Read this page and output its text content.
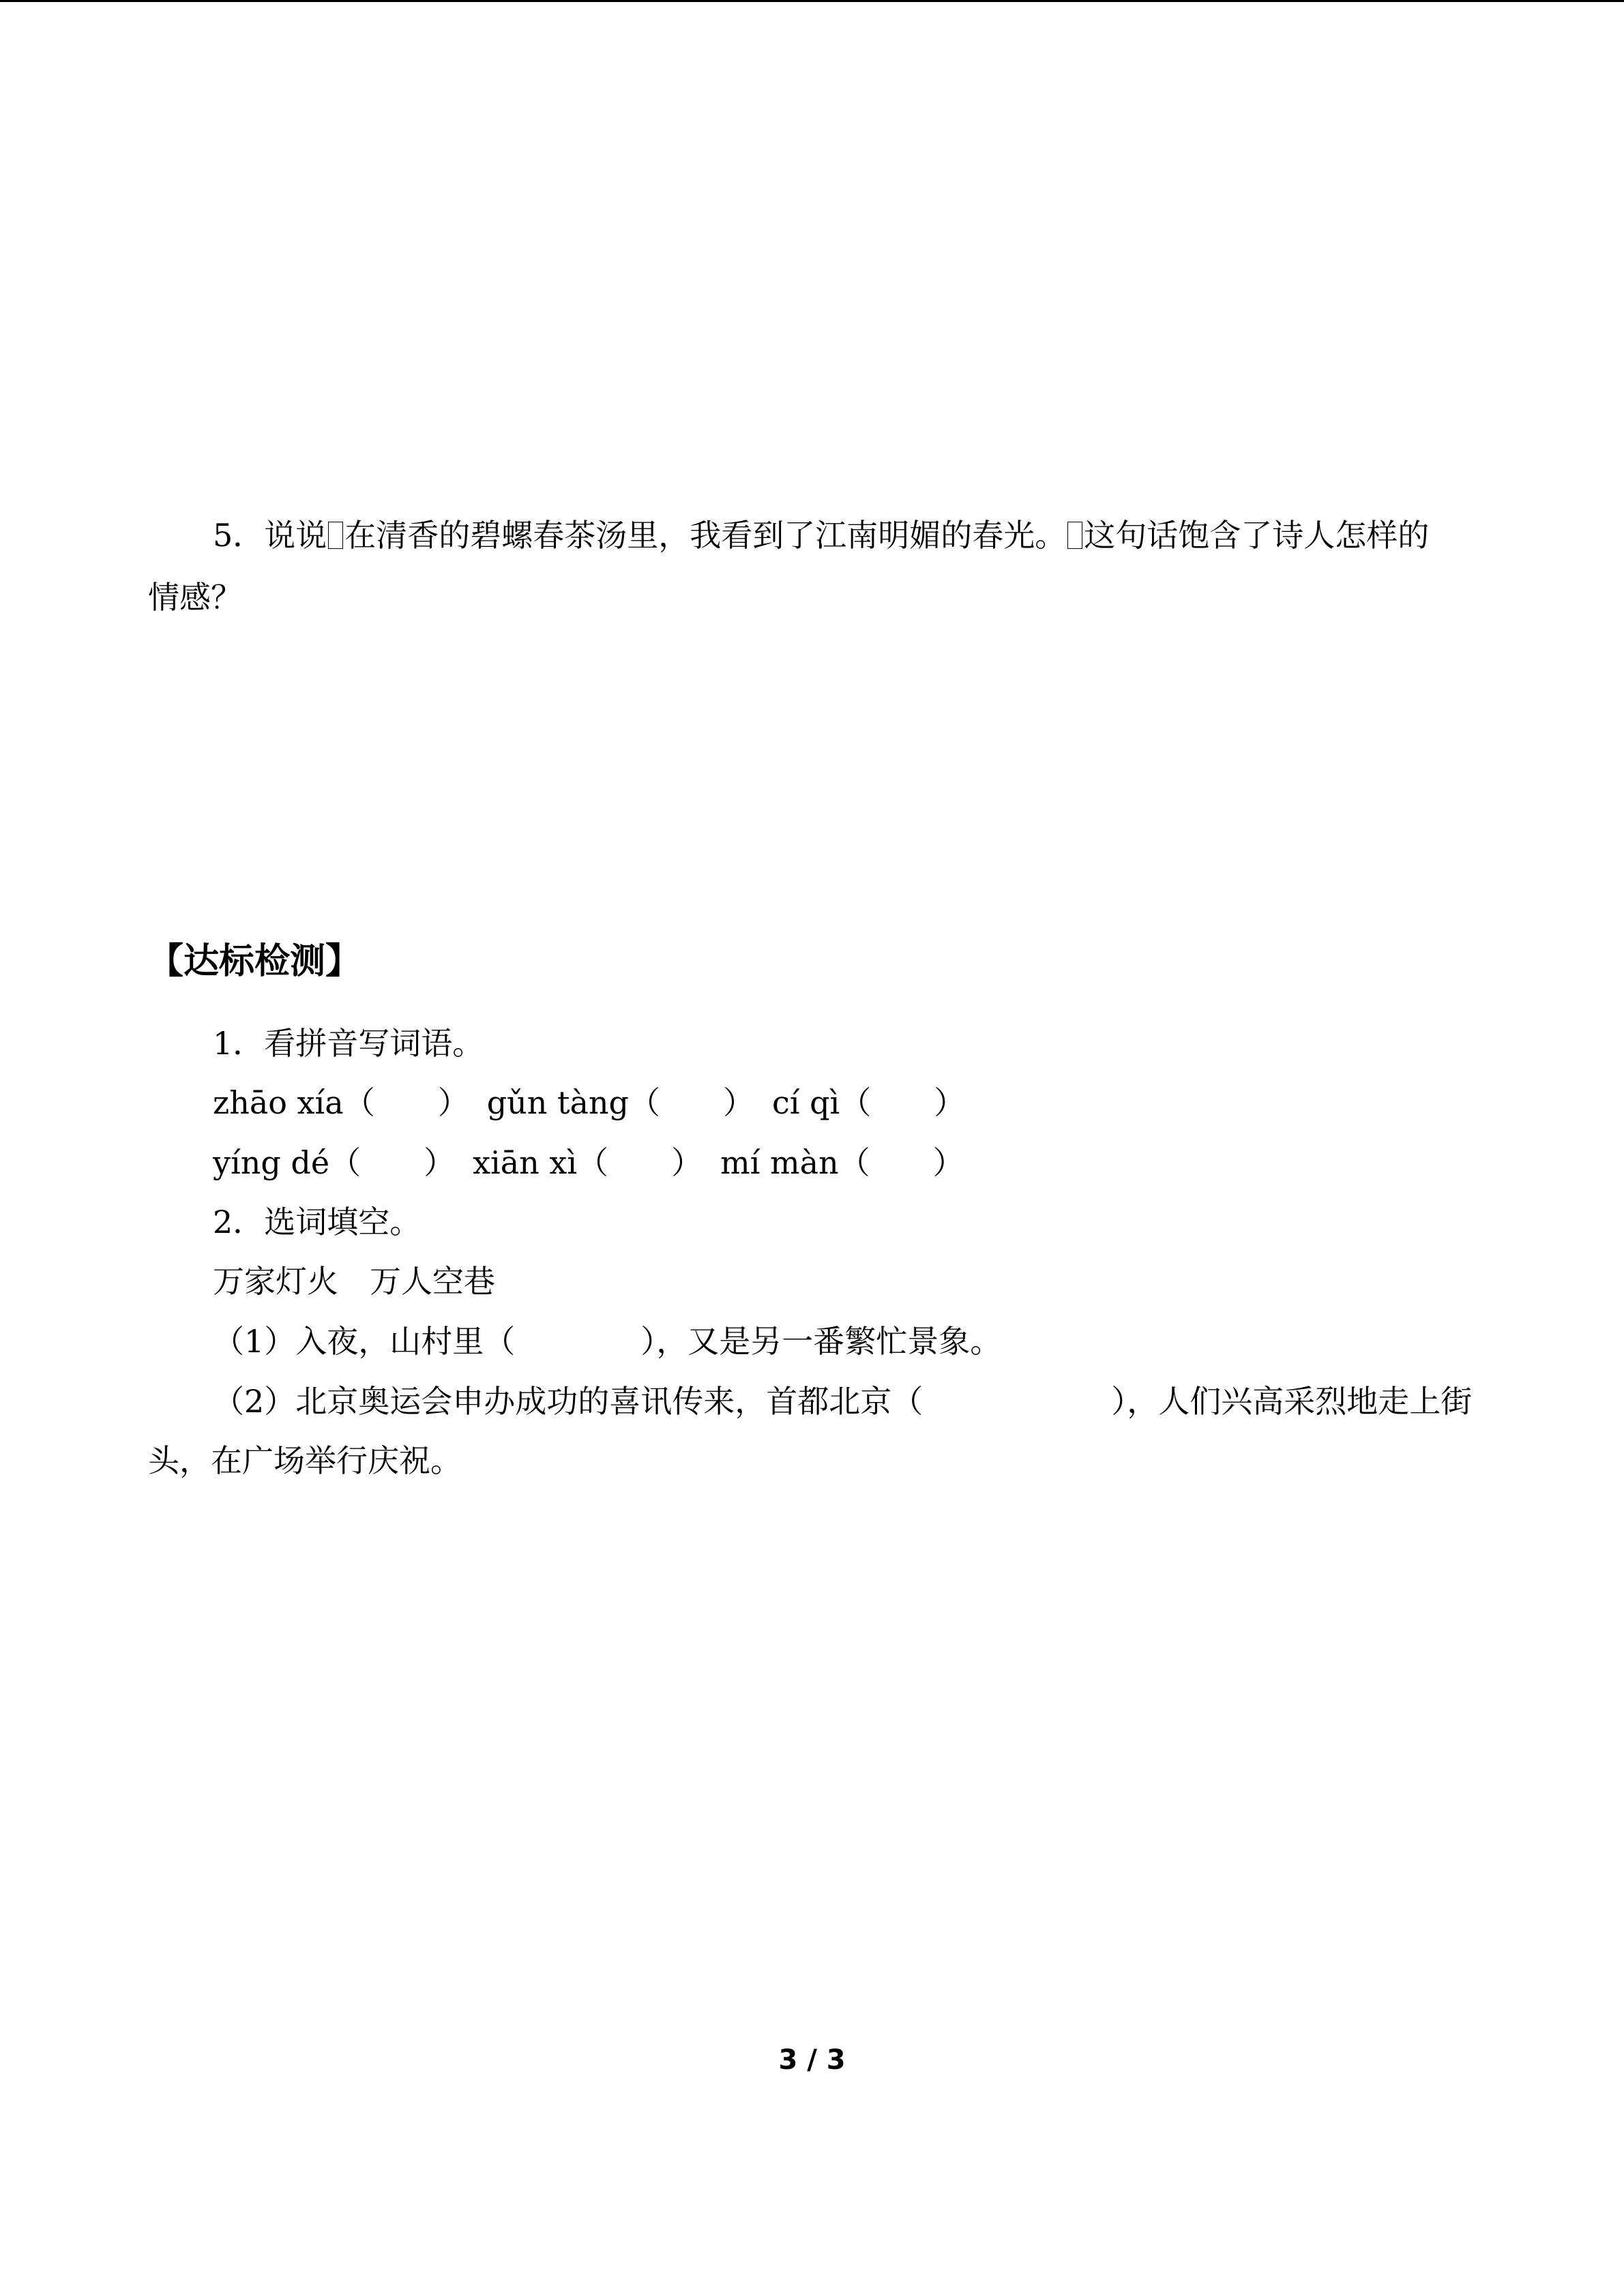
5．说说 在清香的碧螺春茶汤里，我看到了江南明媚的春光。 这句话饱含了诗人怎样的
情感？
【达标检测】
1．看拼音写词语。
zhāo xía（　　） gǔn tàng（　　） cí qì（　　）
yíng dé（　　） xiān xì（　　） mí màn（　　）
2．选词填空。
万家灯火　万人空巷
（1）入夜，山村里（　　　　），又是另一番繁忙景象。
（2）北京奥运会申办成功的喜讯传来，首都北京（　　　　　　），人们兴高采烈地走上街
头，在广场举行庆祝。
3 / 3
